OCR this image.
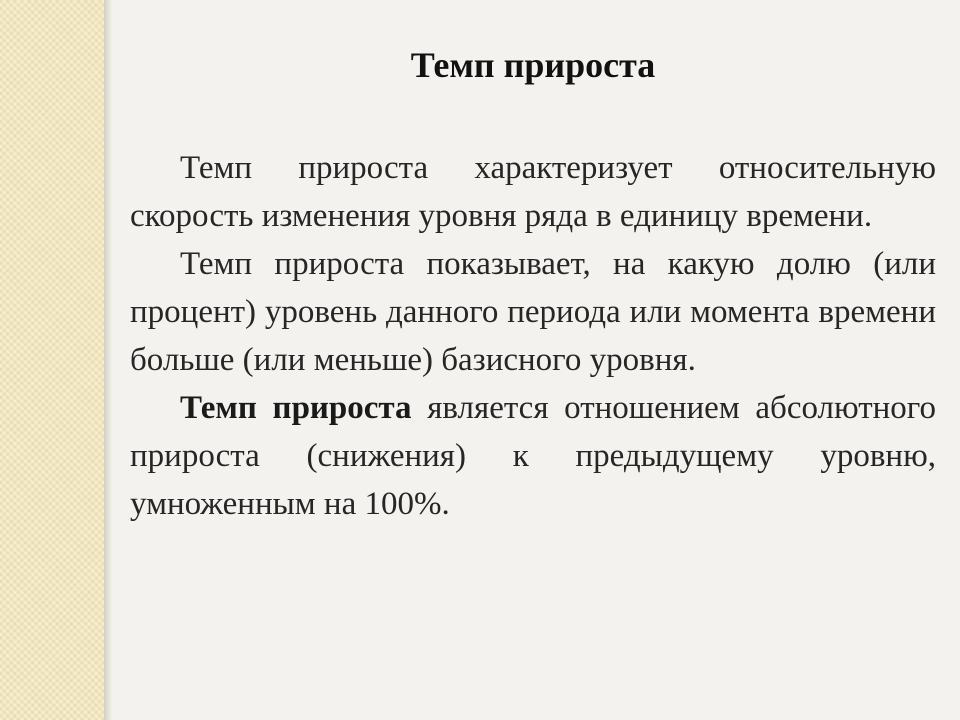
Темп прироста

Темп прироста характеризует относительную скорость изменения уровня ряда в единицу времени.

Темп прироста показывает, на какую долю (или процент) уровень данного периода или момента времени больше (или меньше) базисного уровня.

Темп прироста является отношением абсолютного прироста (снижения) к предыдущему уровню, умноженным на 100%.
